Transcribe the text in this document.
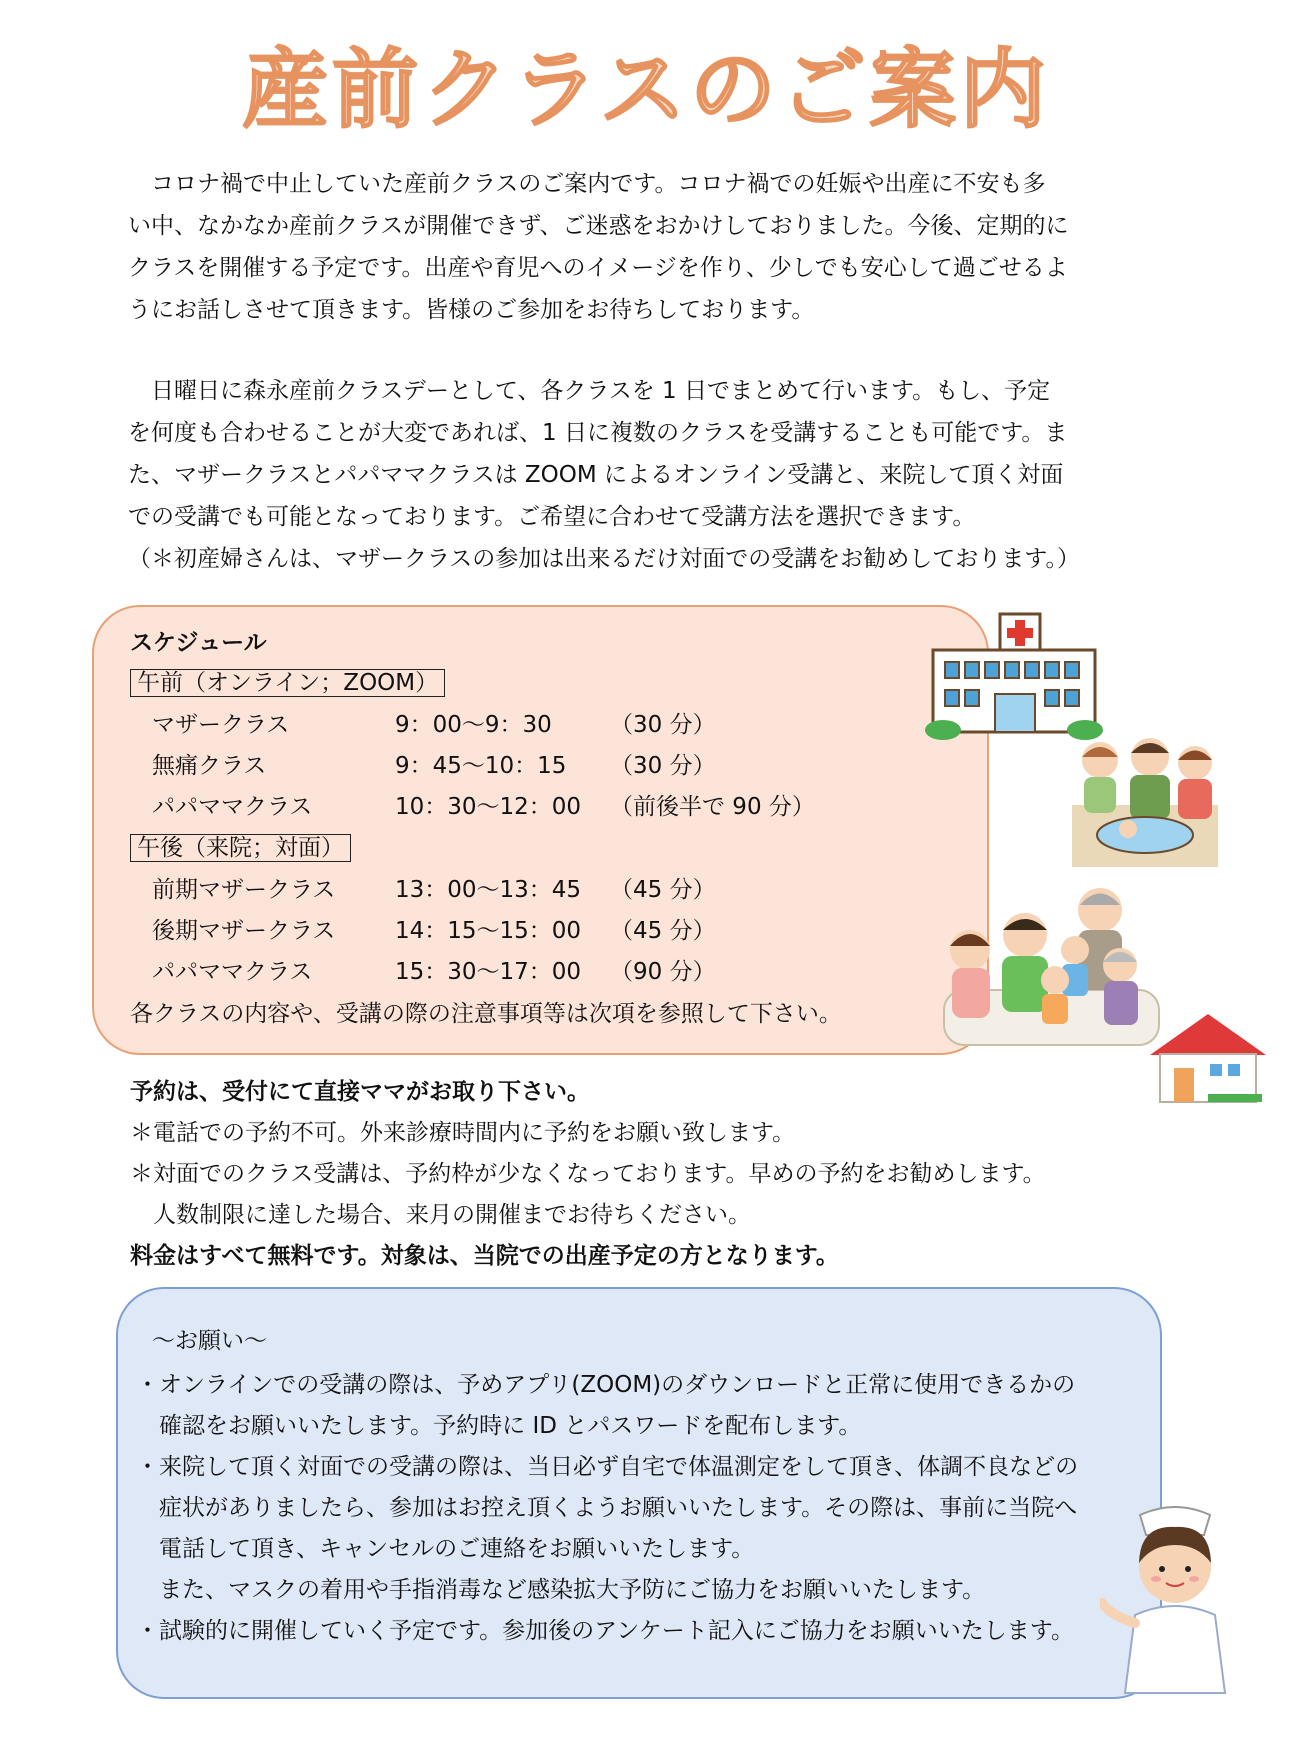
産前クラスのご案内

　コロナ禍で中止していた産前クラスのご案内です。コロナ禍での妊娠や出産に不安も多

い中、なかなか産前クラスが開催できず、ご迷惑をおかけしておりました。今後、定期的に

クラスを開催する予定です。出産や育児へのイメージを作り、少しでも安心して過ごせるよ

うにお話しさせて頂きます。皆様のご参加をお待ちしております。

　日曜日に森永産前クラスデーとして、各クラスを 1 日でまとめて行います。もし、予定

を何度も合わせることが大変であれば、1 日に複数のクラスを受講することも可能です。ま

た、マザークラスとパパママクラスは ZOOM によるオンライン受講と、来院して頂く対面

での受講でも可能となっております。ご希望に合わせて受講方法を選択できます。

（＊初産婦さんは、マザークラスの参加は出来るだけ対面での受講をお勧めしております。）

スケジュール
午前（オンライン；ZOOM）
マザークラス	9：00〜9：30	（30 分）
無痛クラス	9：45〜10：15 （30 分）
パパママクラス	10：30〜12：00 （前後半で 90 分）
午後（来院；対面）
前期マザークラス	13：00〜13：45 （45 分）
後期マザークラス	14：15〜15：00 （45 分）
パパママクラス	15：30〜17：00 （90 分）
各クラスの内容や、受講の際の注意事項等は次項を参照して下さい。
予約は、受付にて直接ママがお取り下さい。
＊電話での予約不可。外来診療時間内に予約をお願い致します。
＊対面でのクラス受講は、予約枠が少なくなっております。早めの予約をお勧めします。
　人数制限に達した場合、来月の開催までお待ちください。
料金はすべて無料です。対象は、当院での出産予定の方となります。
〜お願い〜
・オンラインでの受講の際は、予めアプリ(ZOOM)のダウンロードと正常に使用できるかの
　確認をお願いいたします。予約時に ID とパスワードを配布します。
・来院して頂く対面での受講の際は、当日必ず自宅で体温測定をして頂き、体調不良などの
　症状がありましたら、参加はお控え頂くようお願いいたします。その際は、事前に当院へ
　電話して頂き、キャンセルのご連絡をお願いいたします。
　また、マスクの着用や手指消毒など感染拡大予防にご協力をお願いいたします。
・試験的に開催していく予定です。参加後のアンケート記入にご協力をお願いいたします。
